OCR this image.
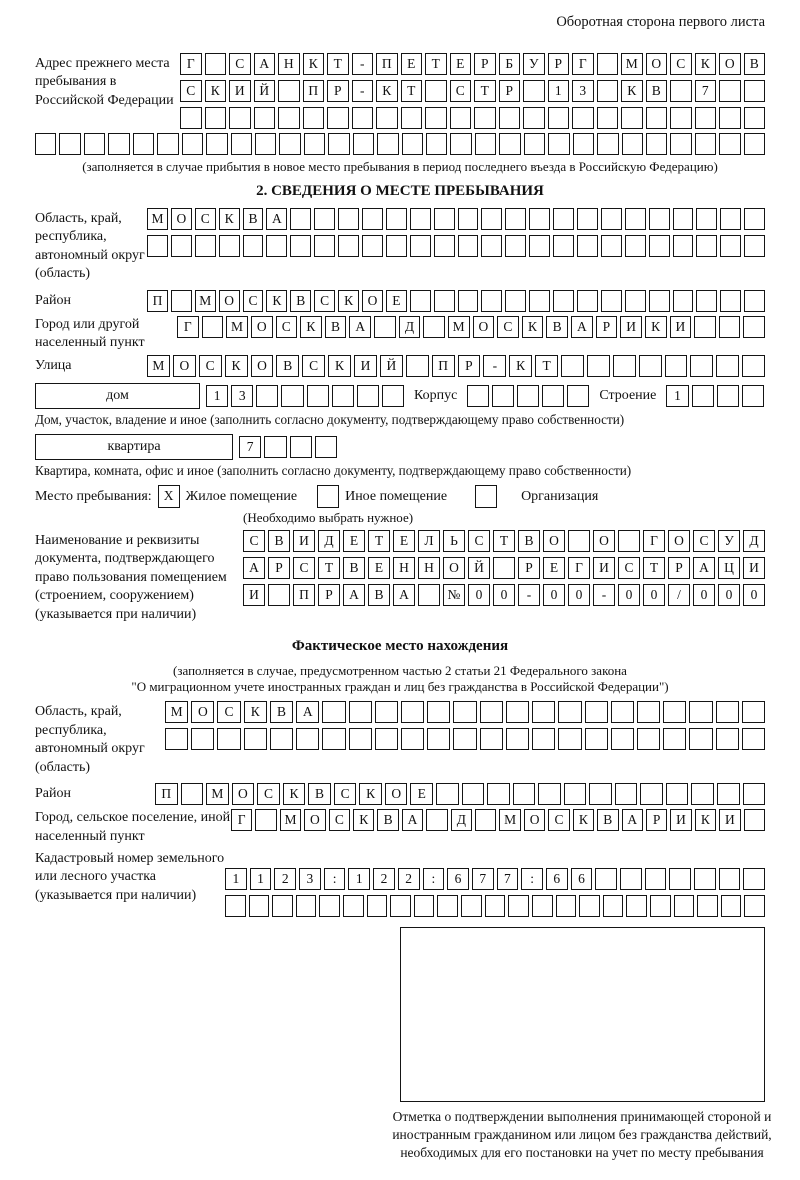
Оборотная сторона первого листа
Адрес прежнего места пребывания в Российской Федерации
Г	С	А	Н	К	Т	-	П	Е	Т	Е	Р	Б	У	Р	Г	М	О	С	К	О	В
С	К	И	Й	П	Р	-	К	Т	С	Т	Р	1	3	К	В	7
(заполняется в случае прибытия в новое место пребывания в период последнего въезда в Российскую Федерацию)
2. СВЕДЕНИЯ О МЕСТЕ ПРЕБЫВАНИЯ
Область, край, республика, автономный округ (область)
М О	С	К	В	А
Район	П	М О	С	К	В	С	К	О	Е
Город или другой населенный пункт
Г	М	О	С	К	В	А	Д	М	О	С	К	В	А	Р	И	К	И
Улица	М	О	С	К	О	В	С	К	И	Й	П	Р	-	К	Т
дом	1	3	Корпус	Строение	1
Дом, участок, владение и иное (заполнить согласно документу, подтверждающему право собственности)
квартира	7
Квартира, комната, офис и иное (заполнить согласно документу, подтверждающему право собственности)
Место пребывания: X Жилое помещение	Иное помещение	Организация
(Необходимо выбрать нужное)
Наименование и реквизиты документа, подтверждающего право пользования помещением (строением, сооружением) (указывается при наличии)
С	В	И	Д	Е	Т	Е	Л	Ь	С	Т	В	О	О	Г	О	С	У	Д
А	Р	С	Т	В	Е	Н	Н	О	Й	Р	Е	Г	И	С	Т	Р	А	Ц	И
И	П	Р	А	В	А	№	0	0	-	0	0	-	0	0	/	0	0	0
Фактическое место нахождения
(заполняется в случае, предусмотренном частью 2 статьи 21 Федерального закона
"О миграционном учете иностранных граждан и лиц без гражданства в Российской Федерации")
Область, край, республика, автономный округ (область)
М	О	С	К	В	А
Район	П	М	О	С	К	В	С	К	О	Е
Город, сельское поселение, иной населенный пункт
Г	М	О	С	К	В	А	Д	М	О	С	К	В	А	Р	И	К	И
Кадастровый номер земельного или лесного участка (указывается при наличии)
1	1	2	3	:	1	2	2	:	6	7	7	:	6	6
Отметка о подтверждении выполнения принимающей стороной и иностранным гражданином или лицом без гражданства действий, необходимых для его постановки на учет по месту пребывания
